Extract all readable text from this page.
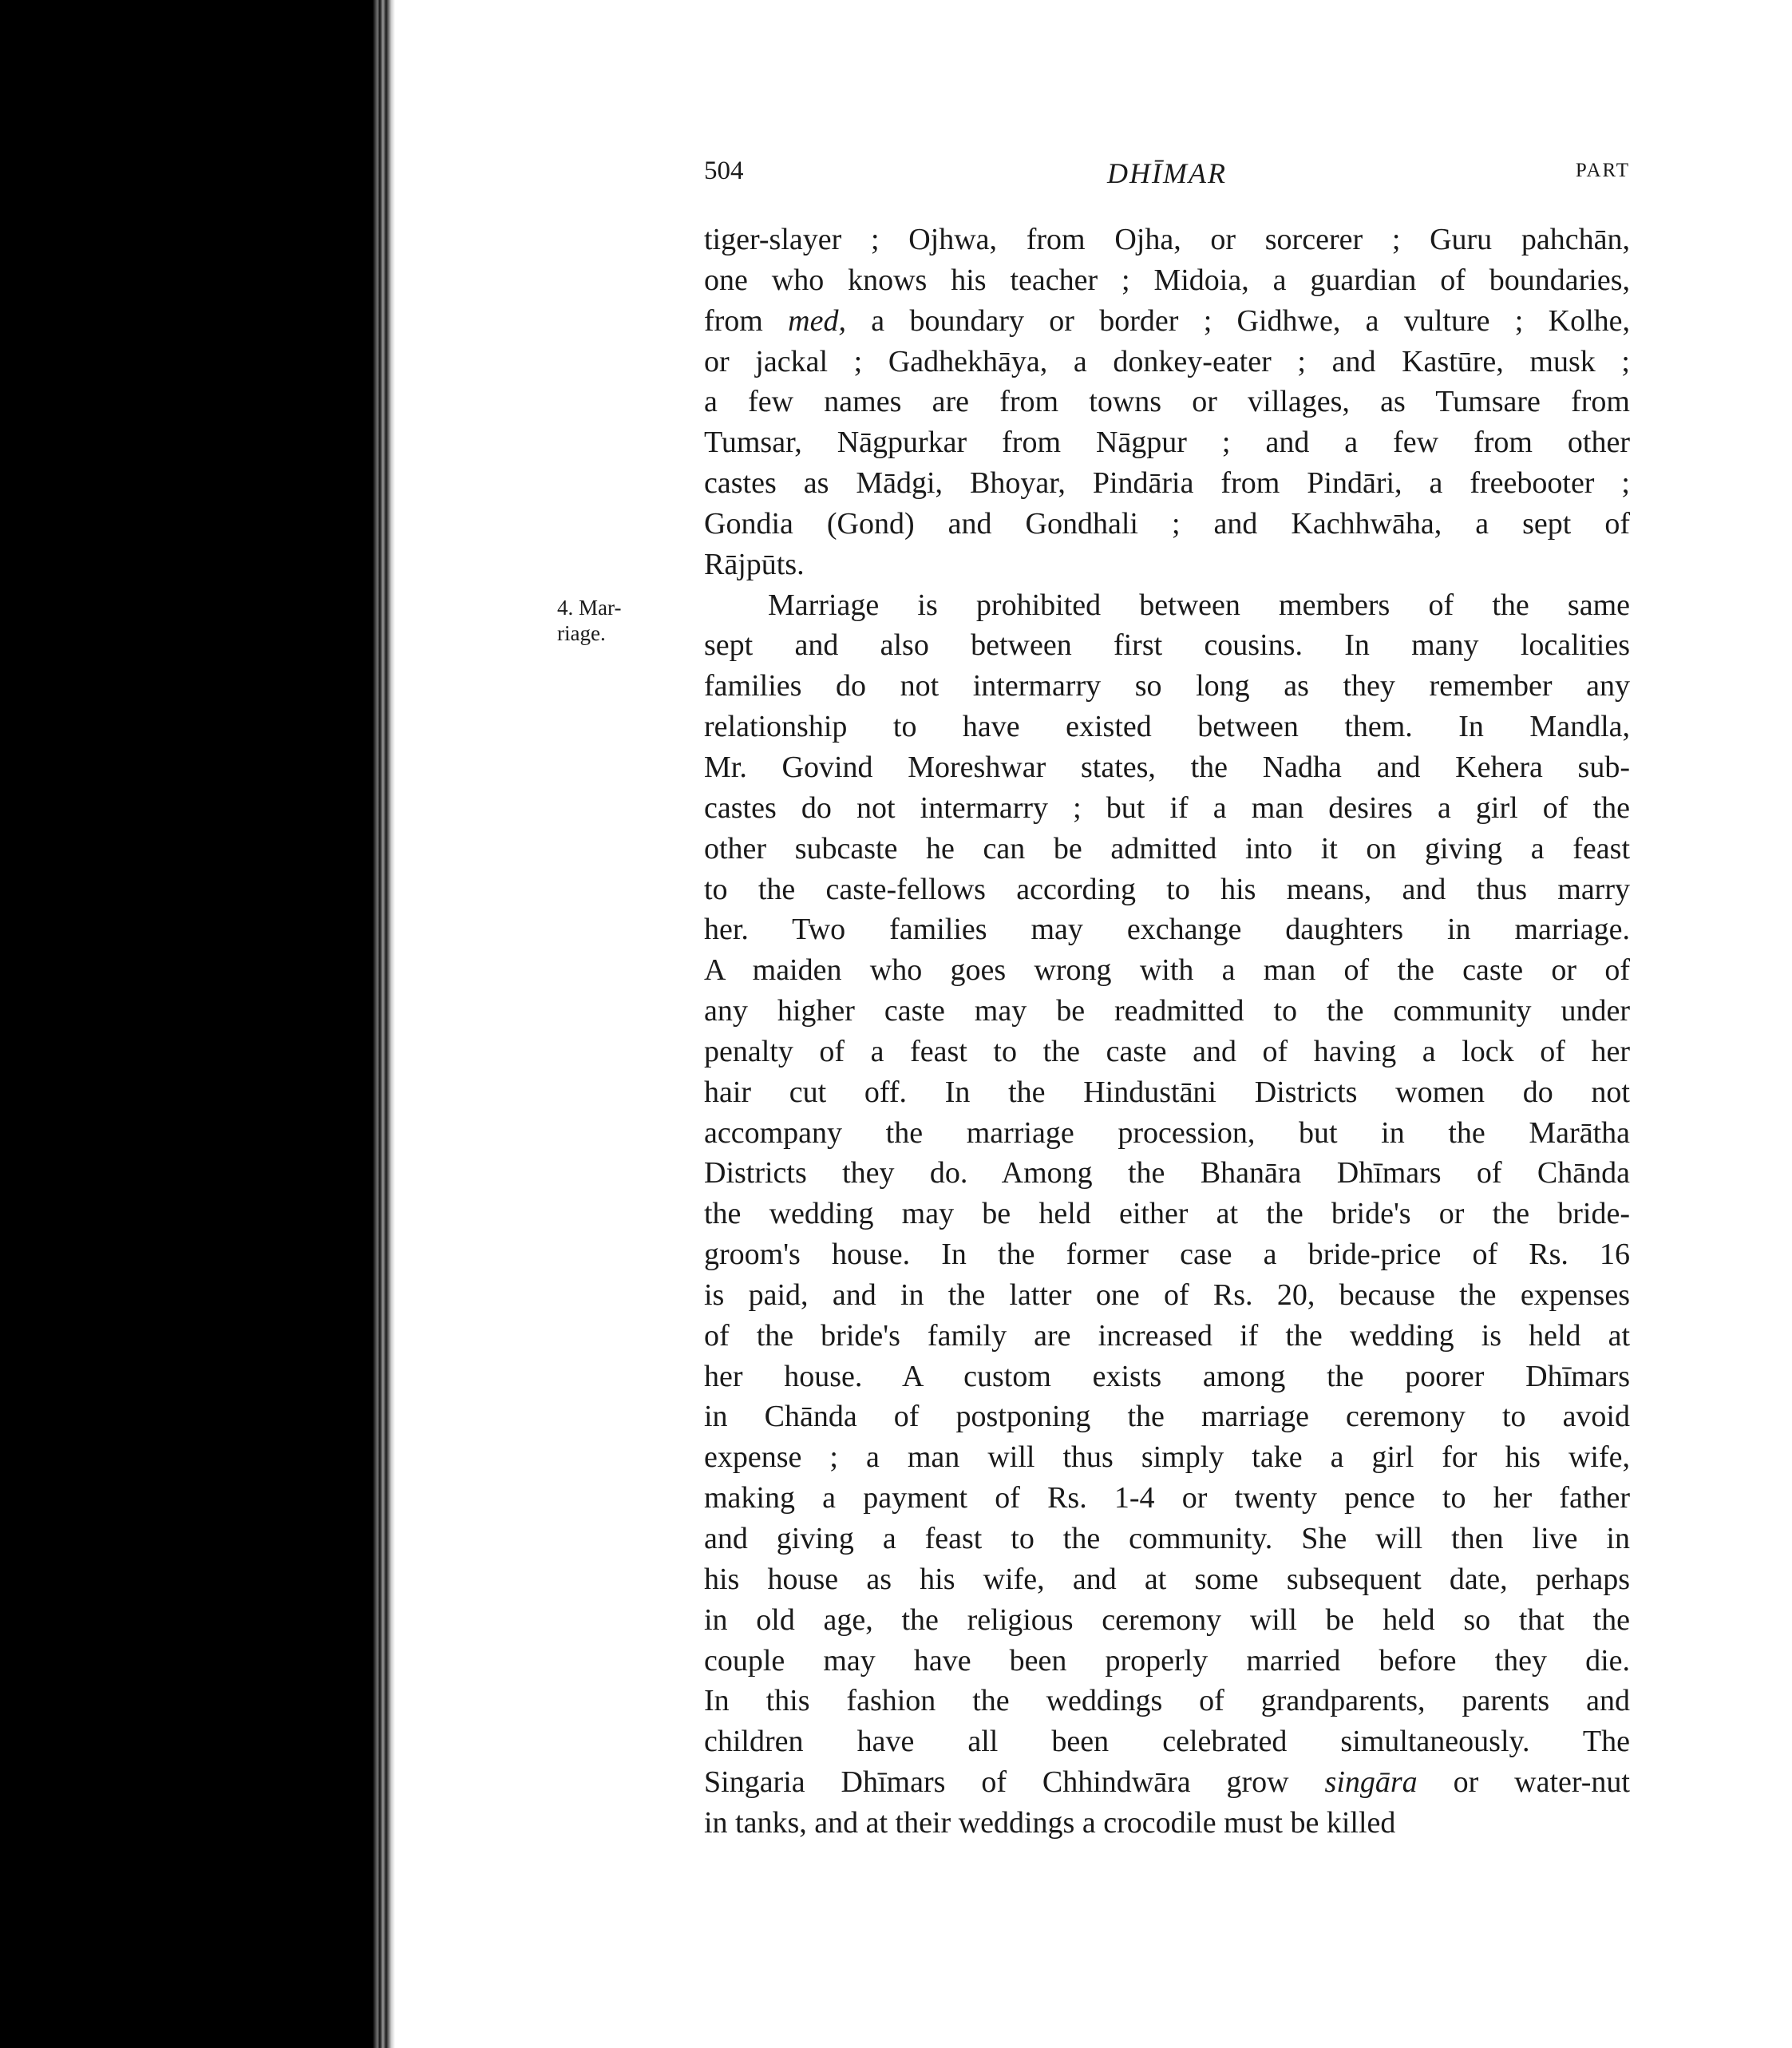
504	DHĪMAR	PART
4. Mar-
riage.
tiger-slayer ; Ojhwa, from Ojha, or sorcerer ; Guru pahchān,
one who knows his teacher ; Midoia, a guardian of boundaries,
from med, a boundary or border ; Gidhwe, a vulture ; Kolhe,
or jackal ; Gadhekhāya, a donkey-eater ; and Kastūre, musk ;
a few names are from towns or villages, as Tumsare from
Tumsar, Nāgpurkar from Nāgpur ; and a few from other
castes as Mādgi, Bhoyar, Pindāria from Pindāri, a freebooter ;
Gondia (Gond) and Gondhali ; and Kachhwāha, a sept of
Rājpūts.
Marriage is prohibited between members of the same
sept and also between first cousins. In many localities
families do not intermarry so long as they remember any
relationship to have existed between them. In Mandla,
Mr. Govind Moreshwar states, the Nadha and Kehera sub-
castes do not intermarry ; but if a man desires a girl of the
other subcaste he can be admitted into it on giving a feast
to the caste-fellows according to his means, and thus marry
her. Two families may exchange daughters in marriage.
A maiden who goes wrong with a man of the caste or of
any higher caste may be readmitted to the community under
penalty of a feast to the caste and of having a lock of her
hair cut off. In the Hindustāni Districts women do not
accompany the marriage procession, but in the Marātha
Districts they do. Among the Bhanāra Dhīmars of Chānda
the wedding may be held either at the bride's or the bride-
groom's house. In the former case a bride-price of Rs. 16
is paid, and in the latter one of Rs. 20, because the expenses
of the bride's family are increased if the wedding is held at
her house. A custom exists among the poorer Dhīmars
in Chānda of postponing the marriage ceremony to avoid
expense ; a man will thus simply take a girl for his wife,
making a payment of Rs. 1-4 or twenty pence to her father
and giving a feast to the community. She will then live in
his house as his wife, and at some subsequent date, perhaps
in old age, the religious ceremony will be held so that the
couple may have been properly married before they die.
In this fashion the weddings of grandparents, parents and
children have all been celebrated simultaneously. The
Singaria Dhīmars of Chhindwāra grow singāra or water-nut
in tanks, and at their weddings a crocodile must be killed
